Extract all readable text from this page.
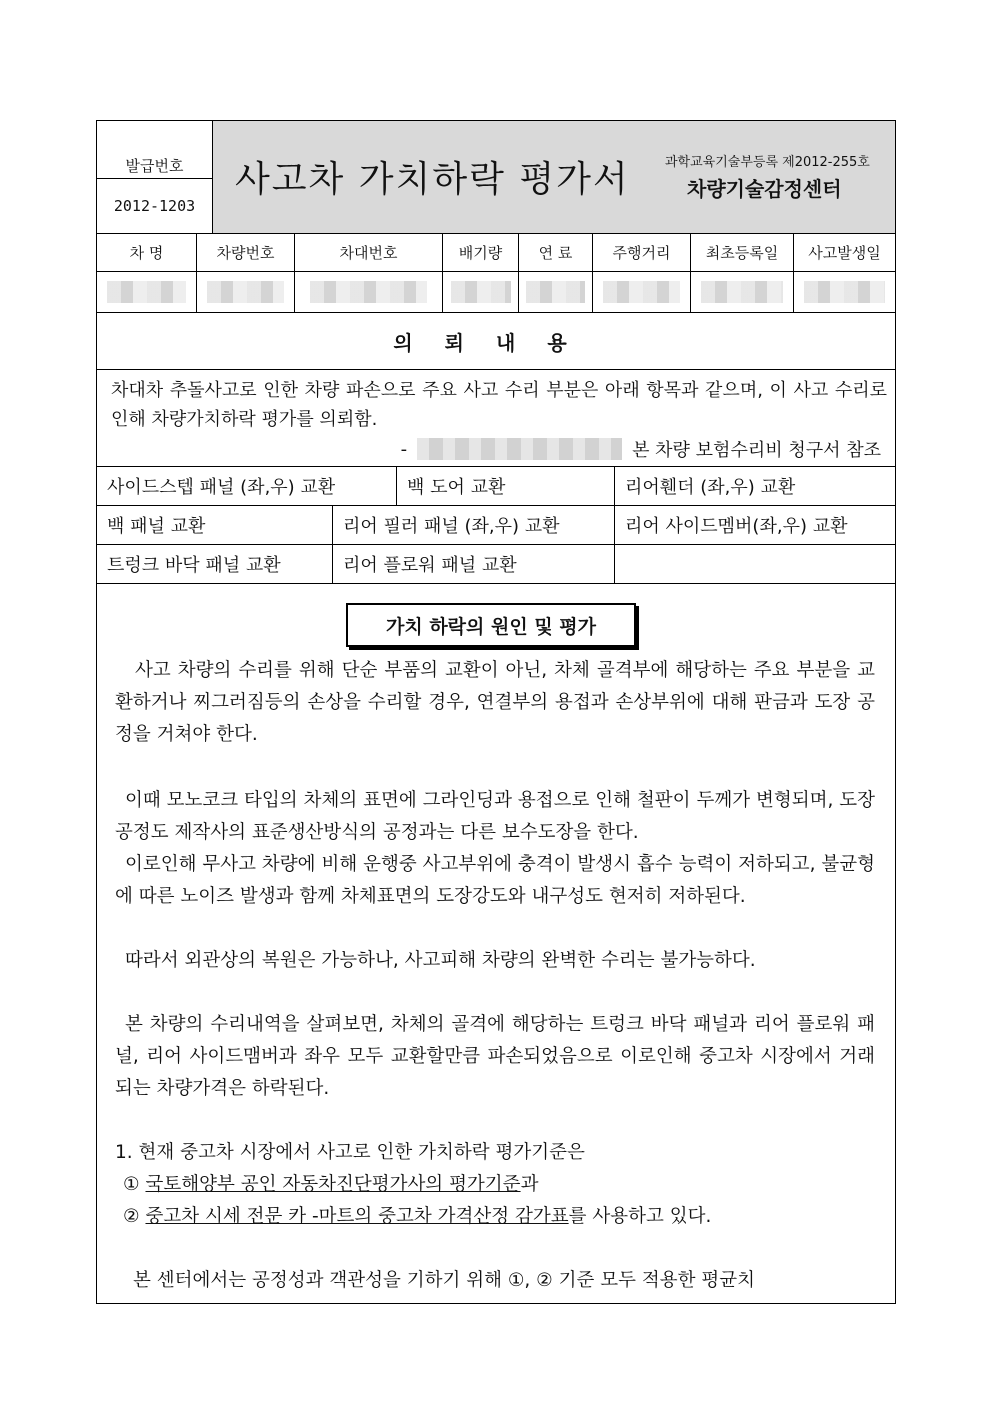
발급번호
2012-1203
사고차 가치하락 평가서	과학교육기술부등록 제2012-255호
차량기술감정센터
차 명	차량번호	차대번호	배기량	연 료	주행거리	최초등록일	사고발생일
의뢰내용
차대차 추돌사고로 인한 차량 파손으로 주요 사고 수리 부분은 아래 항목과 같으며, 이 사고 수리로 인해 차량가치하락 평가를 의뢰함.
-	본 차량 보험수리비 청구서 참조
사이드스텝 패널 (좌,우) 교환	백 도어 교환	리어휀더 (좌,우) 교환
백 패널 교환	리어 필러 패널 (좌,우) 교환	리어 사이드멤버(좌,우) 교환
트렁크 바닥 패널 교환	리어 플로워 패널 교환
가치 하락의 원인 및 평가
사고 차량의 수리를 위해 단순 부품의 교환이 아닌, 차체 골격부에 해당하는 주요 부분을 교환하거나 찌그러짐등의 손상을 수리할 경우, 연결부의 용접과 손상부위에 대해 판금과 도장 공정을 거쳐야 한다.
이때 모노코크 타입의 차체의 표면에 그라인딩과 용접으로 인해 철판이 두께가 변형되며, 도장공정도 제작사의 표준생산방식의 공정과는 다른 보수도장을 한다.
이로인해 무사고 차량에 비해 운행중 사고부위에 충격이 발생시 흡수 능력이 저하되고, 불균형에 따른 노이즈 발생과 함께 차체표면의 도장강도와 내구성도 현저히 저하된다.
따라서 외관상의 복원은 가능하나, 사고피해 차량의 완벽한 수리는 불가능하다.
본 차량의 수리내역을 살펴보면, 차체의 골격에 해당하는 트렁크 바닥 패널과 리어 플로워 패널, 리어 사이드맴버과 좌우 모두 교환할만큼 파손되었음으로 이로인해 중고차 시장에서 거래되는 차량가격은 하락된다.
1. 현재 중고차 시장에서 사고로 인한 가치하락 평가기준은
① 국토해양부 공인 자동차진단평가사의 평가기준과
② 중고차 시세 전문 카 -마트의 중고차 가격산정 감가표를 사용하고 있다.
본 센터에서는 공정성과 객관성을 기하기 위해 ①, ② 기준 모두 적용한 평균치
